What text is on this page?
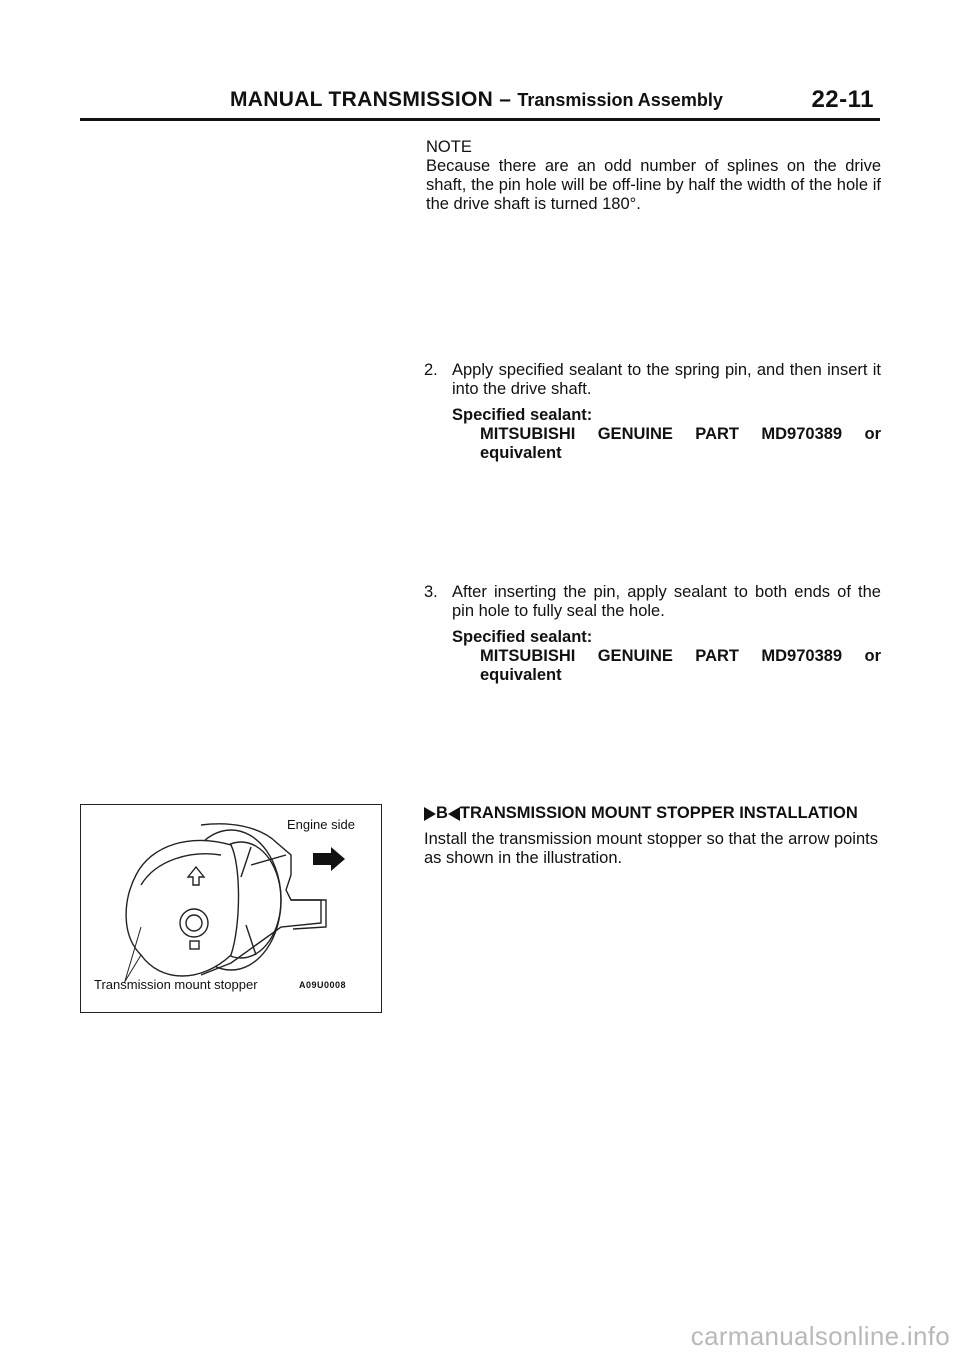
MANUAL TRANSMISSION – Transmission Assembly	22-11
NOTE
Because there are an odd number of splines on the drive shaft, the pin hole will be off-line by half the width of the hole if the drive shaft is turned 180°.
2. Apply specified sealant to the spring pin, and then insert it into the drive shaft.
Specified sealant:
MITSUBISHI GENUINE PART MD970389 or
equivalent
3. After inserting the pin, apply sealant to both ends of the pin hole to fully seal the hole.
Specified sealant:
MITSUBISHI GENUINE PART MD970389 or
equivalent
B TRANSMISSION MOUNT STOPPER INSTALLATION
Install the transmission mount stopper so that the arrow points as shown in the illustration.
Engine side
Transmission mount stopper	A09U0008
carmanualsonline.info
